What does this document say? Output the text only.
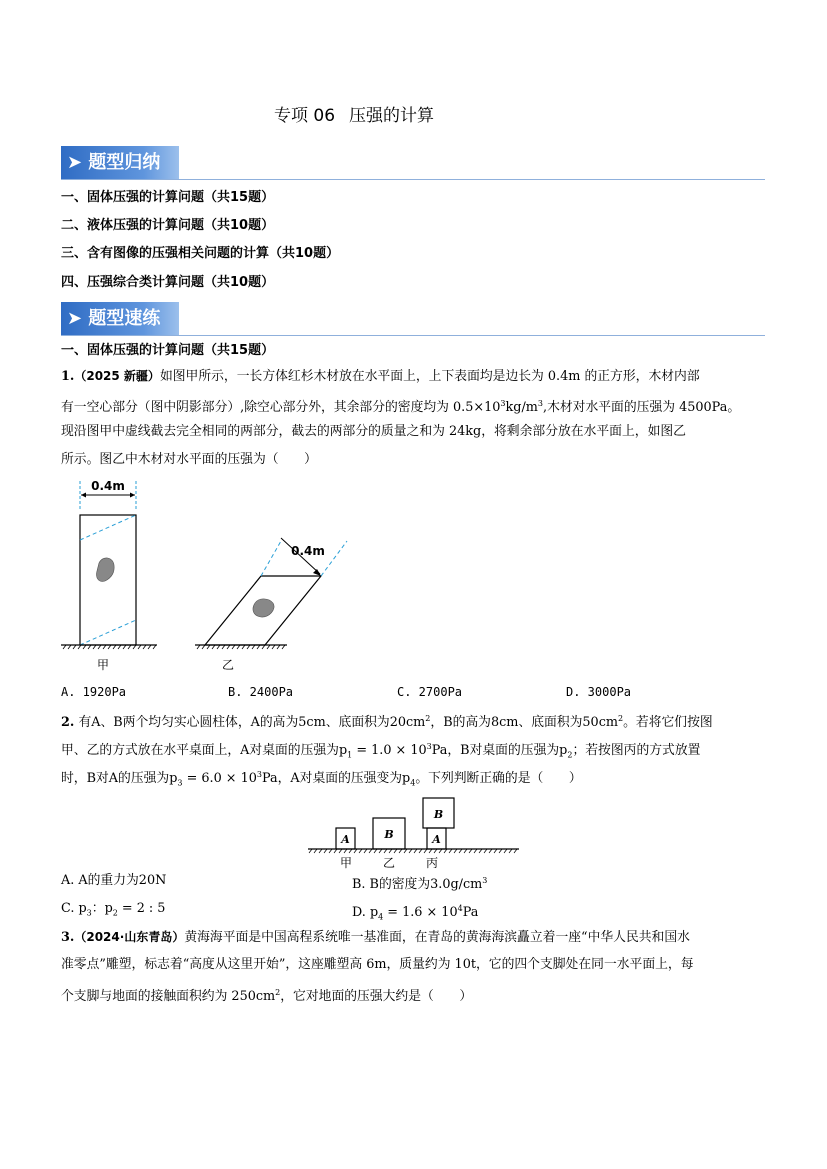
专项 06 压强的计算
➤ 题型归纳
一、固体压强的计算问题（共15题）
二、液体压强的计算问题（共10题）
三、含有图像的压强相关问题的计算（共10题）
四、压强综合类计算问题（共10题）
➤ 题型速练
一、固体压强的计算问题（共15题）
1.（2025 新疆）如图甲所示，一长方体红杉木材放在水平面上，上下表面均是边长为 0.4m 的正方形，木材内部
有一空心部分（图中阴影部分）,除空心部分外，其余部分的密度均为 $0.5\times 10^3kg/m^3$,木材对水平面的压强为 4500Pa。
现沿图甲中虚线截去完全相同的两部分，截去的两部分的质量之和为 24kg，将剩余部分放在水平面上，如图乙
所示。图乙中木材对水平面的压强为（　　）
0.4m
甲
0.4m
乙
A. 1920Pa	B. 2400Pa	C. 2700Pa	D. 3000Pa
2. 有A、B两个均匀实心圆柱体，A的高为5cm、底面积为$20cm^2$，B的高为8cm、底面积为$50cm^2$。若将它们按图
甲、乙的方式放在水平桌面上，A对桌面的压强为$p_1 = 1.0 \times 10^3Pa$，B对桌面的压强为$p_2$；若按图丙的方式放置
时，B对A的压强为$p_3 = 6.0 \times 10^3Pa$，A对桌面的压强变为$p_4$。下列判断正确的是（　　）
A	B
B
A
甲	乙	丙
A. A的重力为20N	B. B的密度为$3.0g/cm^3$
C. $p_3$：$p_2 = 2$ : 5	D. $p_4 = 1.6 \times 10^4Pa$
3.（2024·山东青岛）黄海海平面是中国高程系统唯一基准面，在青岛的黄海海滨矗立着一座“中华人民共和国水
准零点”雕塑，标志着“高度从这里开始”，这座雕塑高 6m，质量约为 10t，它的四个支脚处在同一水平面上，每
个支脚与地面的接触面积约为 $250cm^2$，它对地面的压强大约是（　　）
